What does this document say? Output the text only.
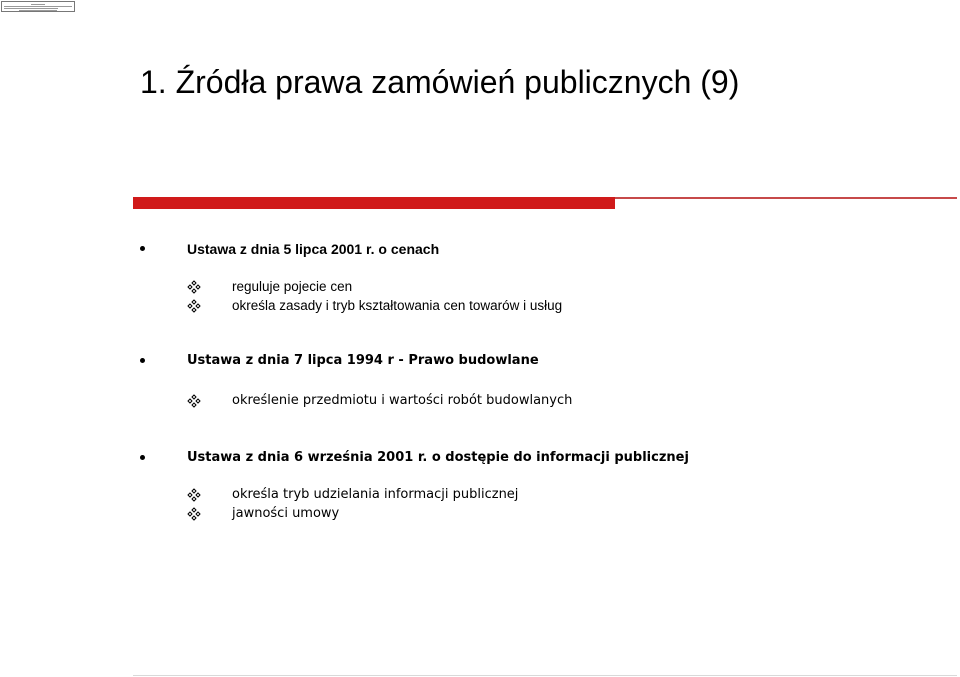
1. Źródła prawa zamówień publicznych (9)
Ustawa z dnia 5 lipca 2001 r. o cenach
reguluje pojecie cen
określa zasady i tryb kształtowania cen towarów i usług
Ustawa z dnia 7 lipca 1994 r - Prawo budowlane
określenie przedmiotu i wartości robót budowlanych
Ustawa z dnia 6 września 2001 r. o dostępie do informacji publicznej
określa tryb udzielania informacji publicznej
jawności umowy
